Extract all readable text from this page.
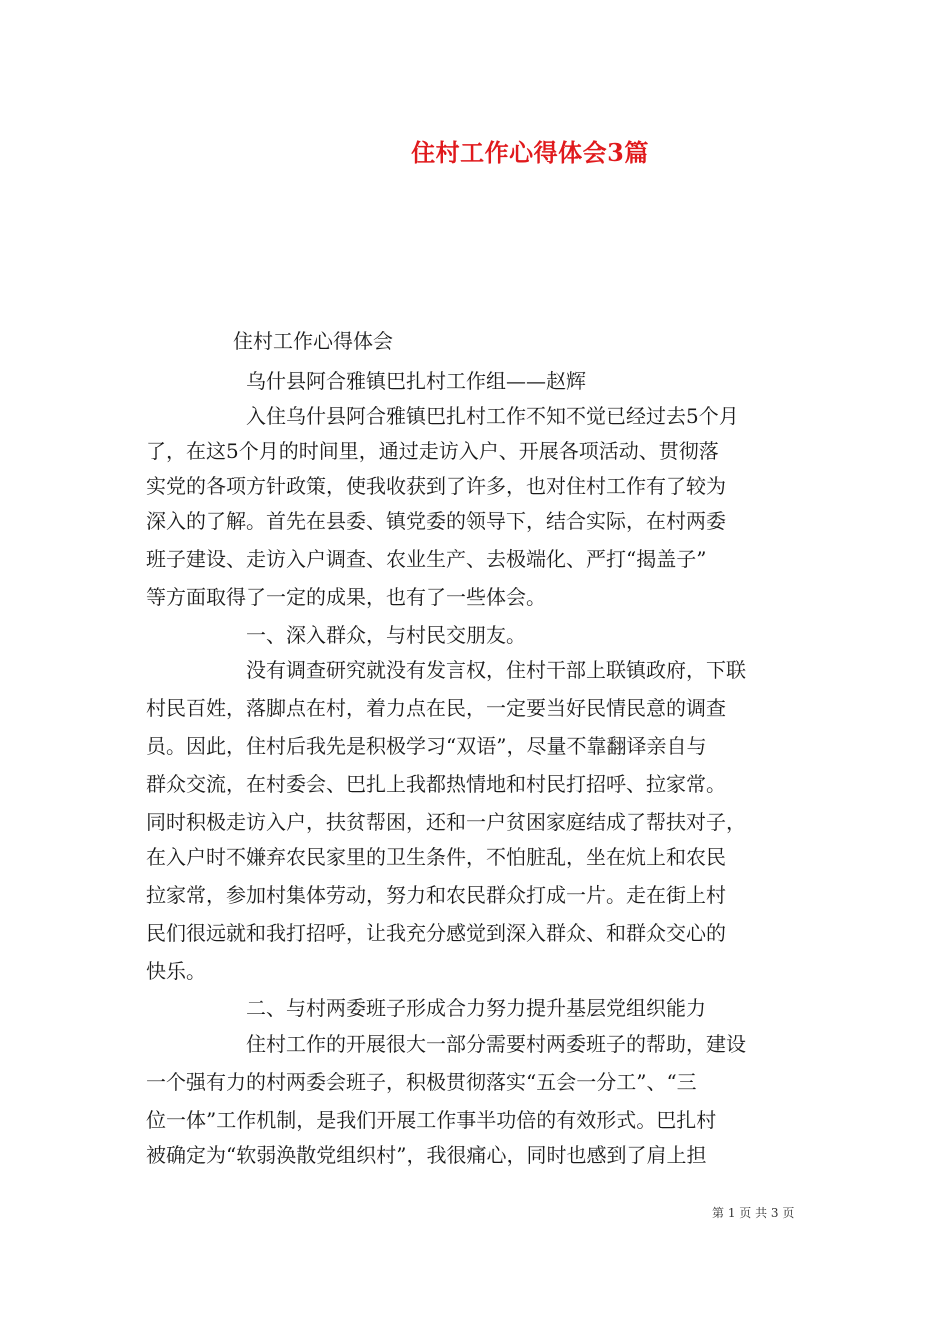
住村工作心得体会3篇
住村工作心得体会
乌什县阿合雅镇巴扎村工作组——赵辉
入住乌什县阿合雅镇巴扎村工作不知不觉已经过去5个月
了，在这5个月的时间里，通过走访入户、开展各项活动、贯彻落
实党的各项方针政策，使我收获到了许多，也对住村工作有了较为
深入的了解。首先在县委、镇党委的领导下，结合实际，在村两委
班子建设、走访入户调查、农业生产、去极端化、严打“揭盖子”
等方面取得了一定的成果，也有了一些体会。
一、深入群众，与村民交朋友。
没有调查研究就没有发言权，住村干部上联镇政府，下联
村民百姓，落脚点在村，着力点在民，一定要当好民情民意的调查
员。因此，住村后我先是积极学习“双语”，尽量不靠翻译亲自与
群众交流，在村委会、巴扎上我都热情地和村民打招呼、拉家常。
同时积极走访入户，扶贫帮困，还和一户贫困家庭结成了帮扶对子，
在入户时不嫌弃农民家里的卫生条件，不怕脏乱，坐在炕上和农民
拉家常，参加村集体劳动，努力和农民群众打成一片。走在街上村
民们很远就和我打招呼，让我充分感觉到深入群众、和群众交心的
快乐。
二、与村两委班子形成合力努力提升基层党组织能力
住村工作的开展很大一部分需要村两委班子的帮助，建设
一个强有力的村两委会班子，积极贯彻落实“五会一分工”、“三
位一体”工作机制，是我们开展工作事半功倍的有效形式。巴扎村
被确定为“软弱涣散党组织村”，我很痛心，同时也感到了肩上担
第 1 页 共 3 页
